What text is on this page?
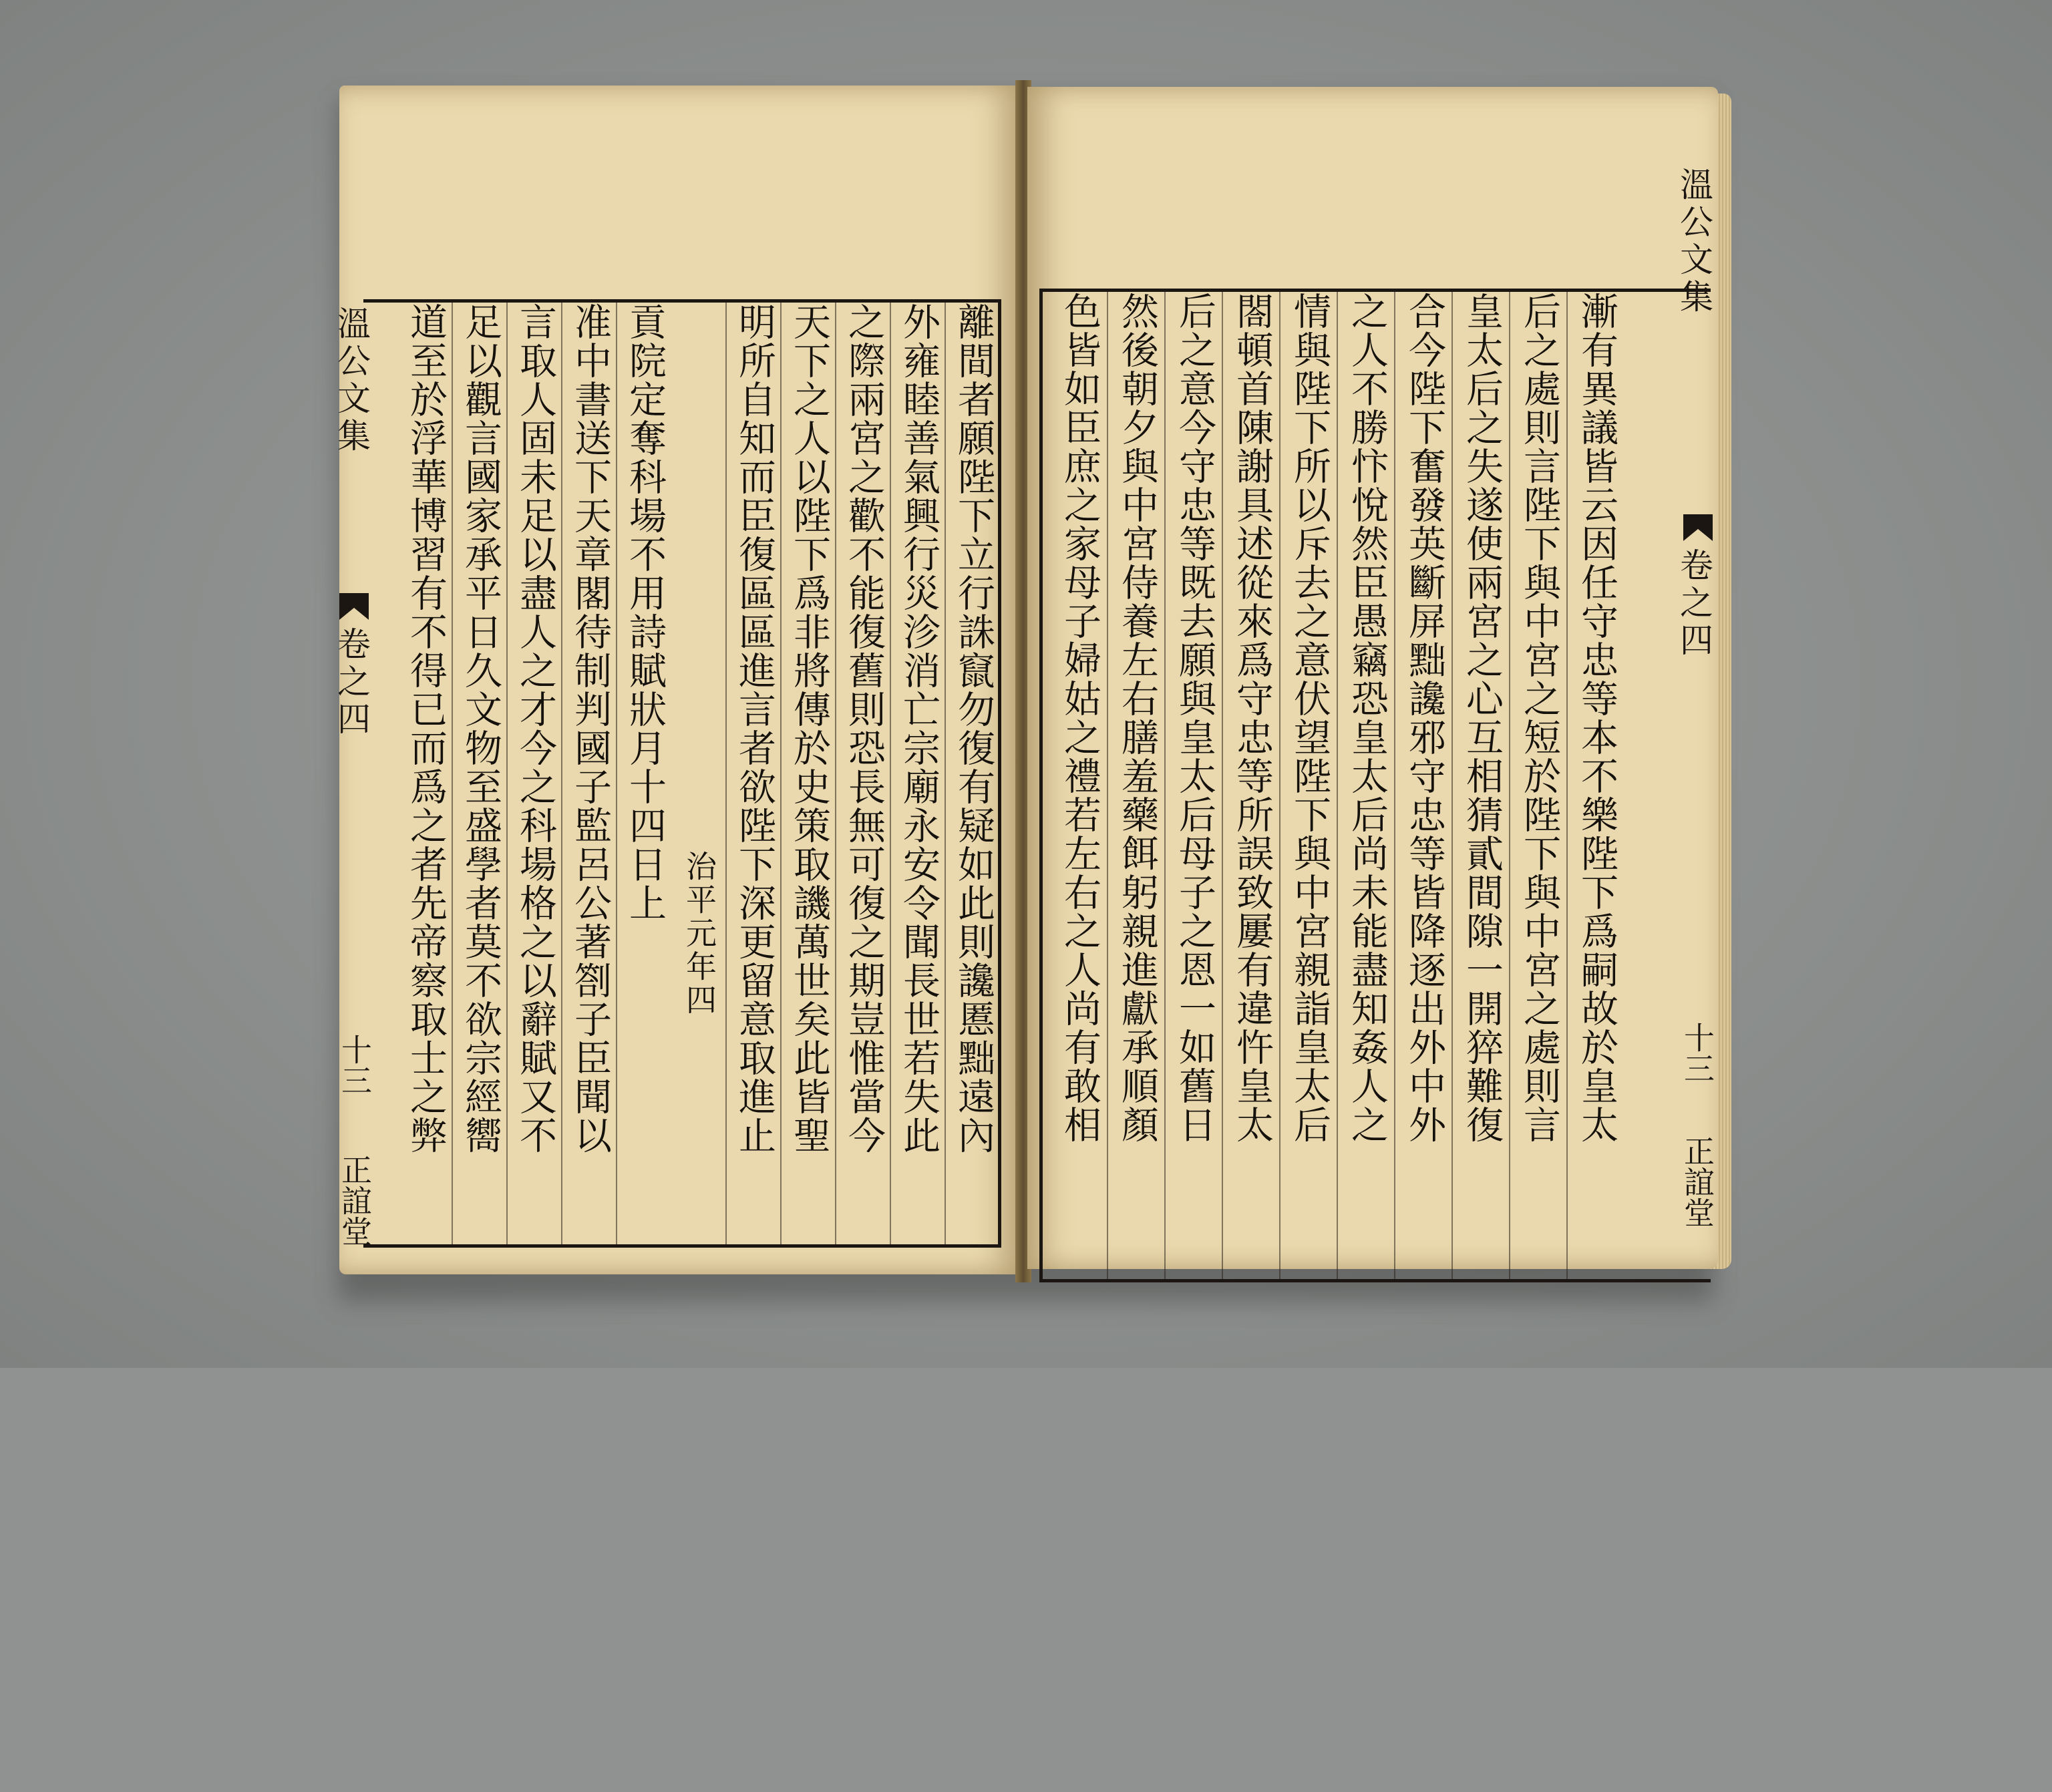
離間者願陛下立行誅竄勿復有疑如此則讒慝黜遠內
外雍睦善氣興行災沴消亡宗廟永安令聞長世若失此
之際兩宮之歡不能復舊則恐長無可復之期豈惟當今
天下之人以陛下爲非將傳於史策取譏萬世矣此皆聖
明所自知而臣復區區進言者欲陛下深更留意取進止
治平元年四
貢院定奪科場不用詩賦狀月十四日上
准中書送下天章閣待制判國子監呂公著劄子臣聞以
言取人固未足以盡人之才今之科場格之以辭賦又不
足以觀言國家承平日久文物至盛學者莫不欲宗經嚮
道至於浮華博習有不得已而爲之者先帝察取士之弊
溫公文集
卷之四
十三
正誼堂
色皆如臣庶之家母子婦姑之禮若左右之人尚有敢相 然後朝夕與中宮侍養左右膳羞藥餌躬親進獻承順顏 后之意今守忠等既去願與皇太后母子之恩一如舊日 閤頓首陳謝具述從來爲守忠等所誤致屢有違忤皇太 情與陛下所以斥去之意伏望陛下與中宮親詣皇太后 之人不勝忭悅然臣愚竊恐皇太后尚未能盡知姦人之 合今陛下奮發英斷屏黜讒邪守忠等皆降逐出外中外 皇太后之失遂使兩宮之心互相猜貳間隙一開猝難復 后之處則言陛下與中宮之短於陛下與中宮之處則言 漸有異議皆云因任守忠等本不樂陛下爲嗣故於皇太
溫公文集
卷之四
十三
正誼堂
